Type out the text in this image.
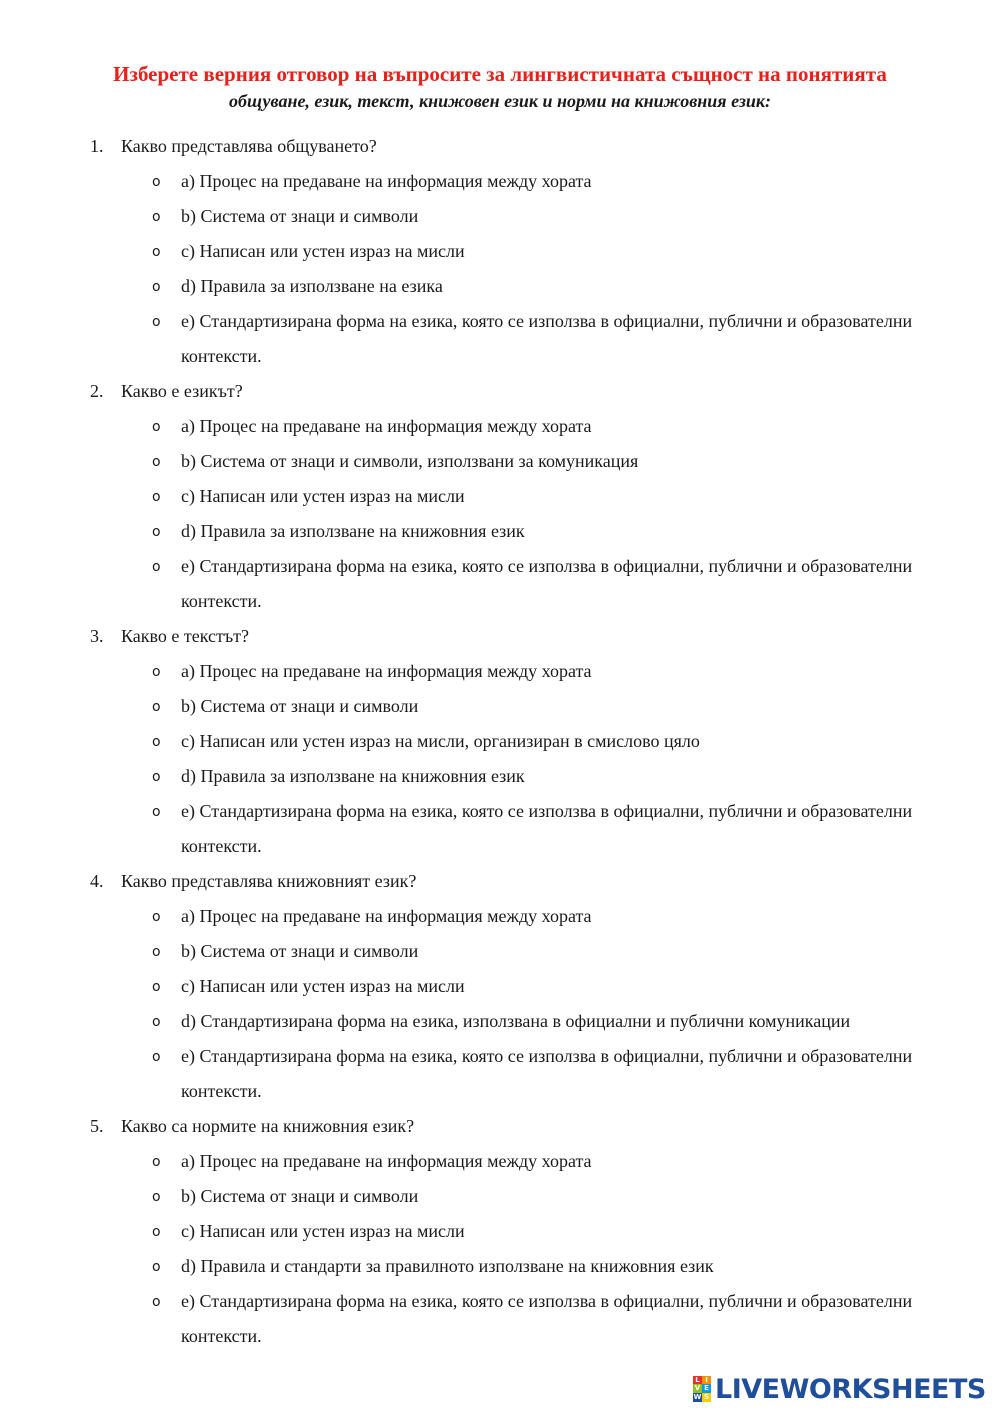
Изберете верния отговор на въпросите за лингвистичната същност на понятията
общуване, език, текст, книжовен език и норми на книжовния език:
1. Какво представлява общуването?
o a) Процес на предаване на информация между хората
o b) Система от знаци и символи
o c) Написан или устен израз на мисли
o d) Правила за използване на езика
o e) Стандартизирана форма на езика, която се използва в официални, публични и образователни контексти.
2. Какво е езикът?
o a) Процес на предаване на информация между хората
o b) Система от знаци и символи, използвани за комуникация
o c) Написан или устен израз на мисли
o d) Правила за използване на книжовния език
o e) Стандартизирана форма на езика, която се използва в официални, публични и образователни контексти.
3. Какво е текстът?
o a) Процес на предаване на информация между хората
o b) Система от знаци и символи
o c) Написан или устен израз на мисли, организиран в смислово цяло
o d) Правила за използване на книжовния език
o e) Стандартизирана форма на езика, която се използва в официални, публични и образователни контексти.
4. Какво представлява книжовният език?
o a) Процес на предаване на информация между хората
o b) Система от знаци и символи
o c) Написан или устен израз на мисли
o d) Стандартизирана форма на езика, използвана в официални и публични комуникации
o e) Стандартизирана форма на езика, която се използва в официални, публични и образователни контексти.
5. Какво са нормите на книжовния език?
o a) Процес на предаване на информация между хората
o b) Система от знаци и символи
o c) Написан или устен израз на мисли
o d) Правила и стандарти за правилното използване на книжовния език
o e) Стандартизирана форма на езика, която се използва в официални, публични и образователни контексти.
L I
V E
W S LIVEWORKSHEETS
